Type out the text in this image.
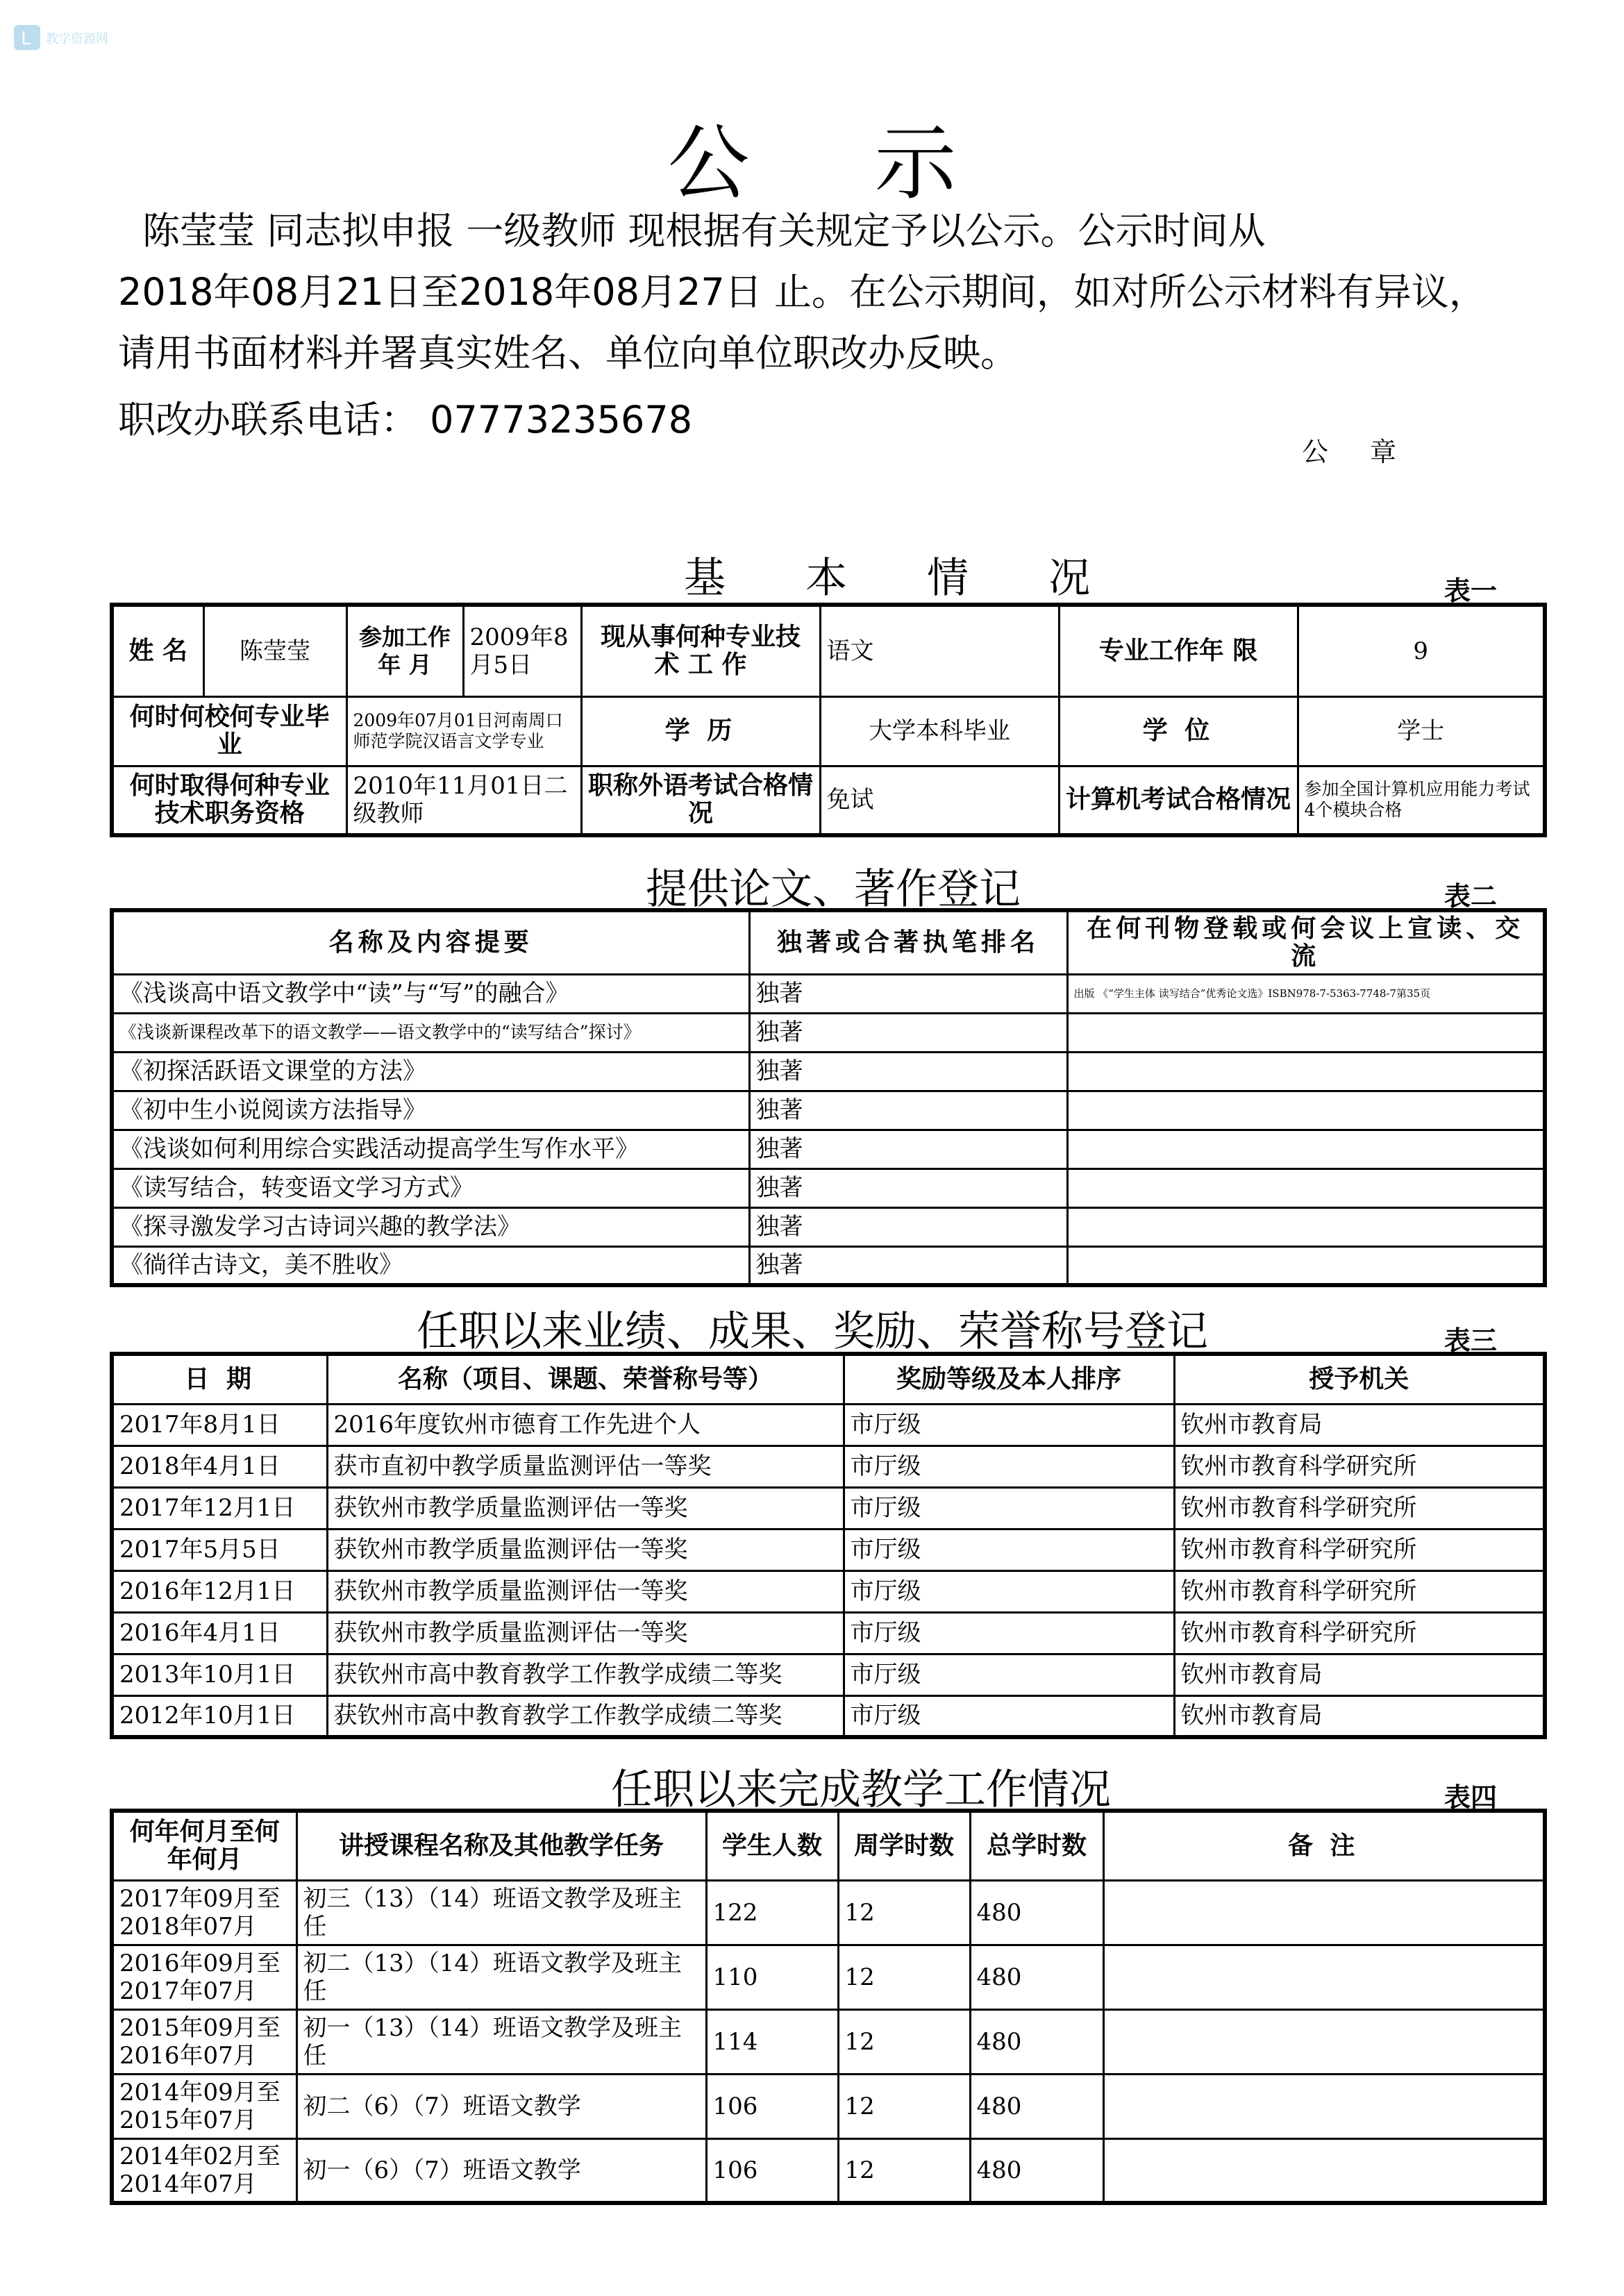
L 教学资源网
公示
陈莹莹 同志拟申报 一级教师 现根据有关规定予以公示。公示时间从
2018年08月21日至2018年08月27日 止。在公示期间，如对所公示材料有异议，
请用书面材料并署真实姓名、单位向单位职改办反映。
职改办联系电话： 07773235678
公章
基 本 情 况	表一
姓 名	陈莹莹	参加工作年 月	2009年8月5日	现从事何种专业技 术 工 作	语文	专业工作年 限	9
何时何校何专业毕 业		2009年07月01日河南周口师范学院汉语言文学专业		学 历	大学本科毕业	学 位	学士
何时取得何种专业技术职务资格		2010年11月01日二级教师		职称外语考试合格情况	免试	计算机考试合格情况	参加全国计算机应用能力考试4个模块合格
提供论文、著作登记	表二
名称及内容提要	独著或合著执笔排名	在何刊物登载或何会议上宣读、交流
《浅谈高中语文教学中“读”与“写”的融合》	独著	出版 《“学生主体 读写结合”优秀论文选》ISBN978-7-5363-7748-7第35页
《浅谈新课程改革下的语文教学——语文教学中的“读写结合”探讨》	独著	
《初探活跃语文课堂的方法》	独著	
《初中生小说阅读方法指导》	独著	
《浅谈如何利用综合实践活动提高学生写作水平》	独著	
《读写结合，转变语文学习方式》	独著	
《探寻激发学习古诗词兴趣的教学法》	独著	
《徜徉古诗文，美不胜收》	独著	
任职以来业绩、成果、奖励、荣誉称号登记	表三
日 期	名称（项目、课题、荣誉称号等）	奖励等级及本人排序	授予机关
2017年8月1日	2016年度钦州市德育工作先进个人	市厅级	钦州市教育局
2018年4月1日	获市直初中教学质量监测评估一等奖	市厅级	钦州市教育科学研究所
2017年12月1日	获钦州市教学质量监测评估一等奖	市厅级	钦州市教育科学研究所
2017年5月5日	获钦州市教学质量监测评估一等奖	市厅级	钦州市教育科学研究所
2016年12月1日	获钦州市教学质量监测评估一等奖	市厅级	钦州市教育科学研究所
2016年4月1日	获钦州市教学质量监测评估一等奖	市厅级	钦州市教育科学研究所
2013年10月1日	获钦州市高中教育教学工作教学成绩二等奖	市厅级	钦州市教育局
2012年10月1日	获钦州市高中教育教学工作教学成绩二等奖	市厅级	钦州市教育局
任职以来完成教学工作情况	表四
何年何月至何年何月	讲授课程名称及其他教学任务	学生人数	周学时数	总学时数	备 注
2017年09月至2018年07月	初三（13）（14）班语文教学及班主任	122	12	480	
2016年09月至2017年07月	初二（13）（14）班语文教学及班主任	110	12	480	
2015年09月至2016年07月	初一（13）（14）班语文教学及班主任	114	12	480	
2014年09月至2015年07月	初二（6）（7）班语文教学	106	12	480	
2014年02月至2014年07月	初一（6）（7）班语文教学	106	12	480	
